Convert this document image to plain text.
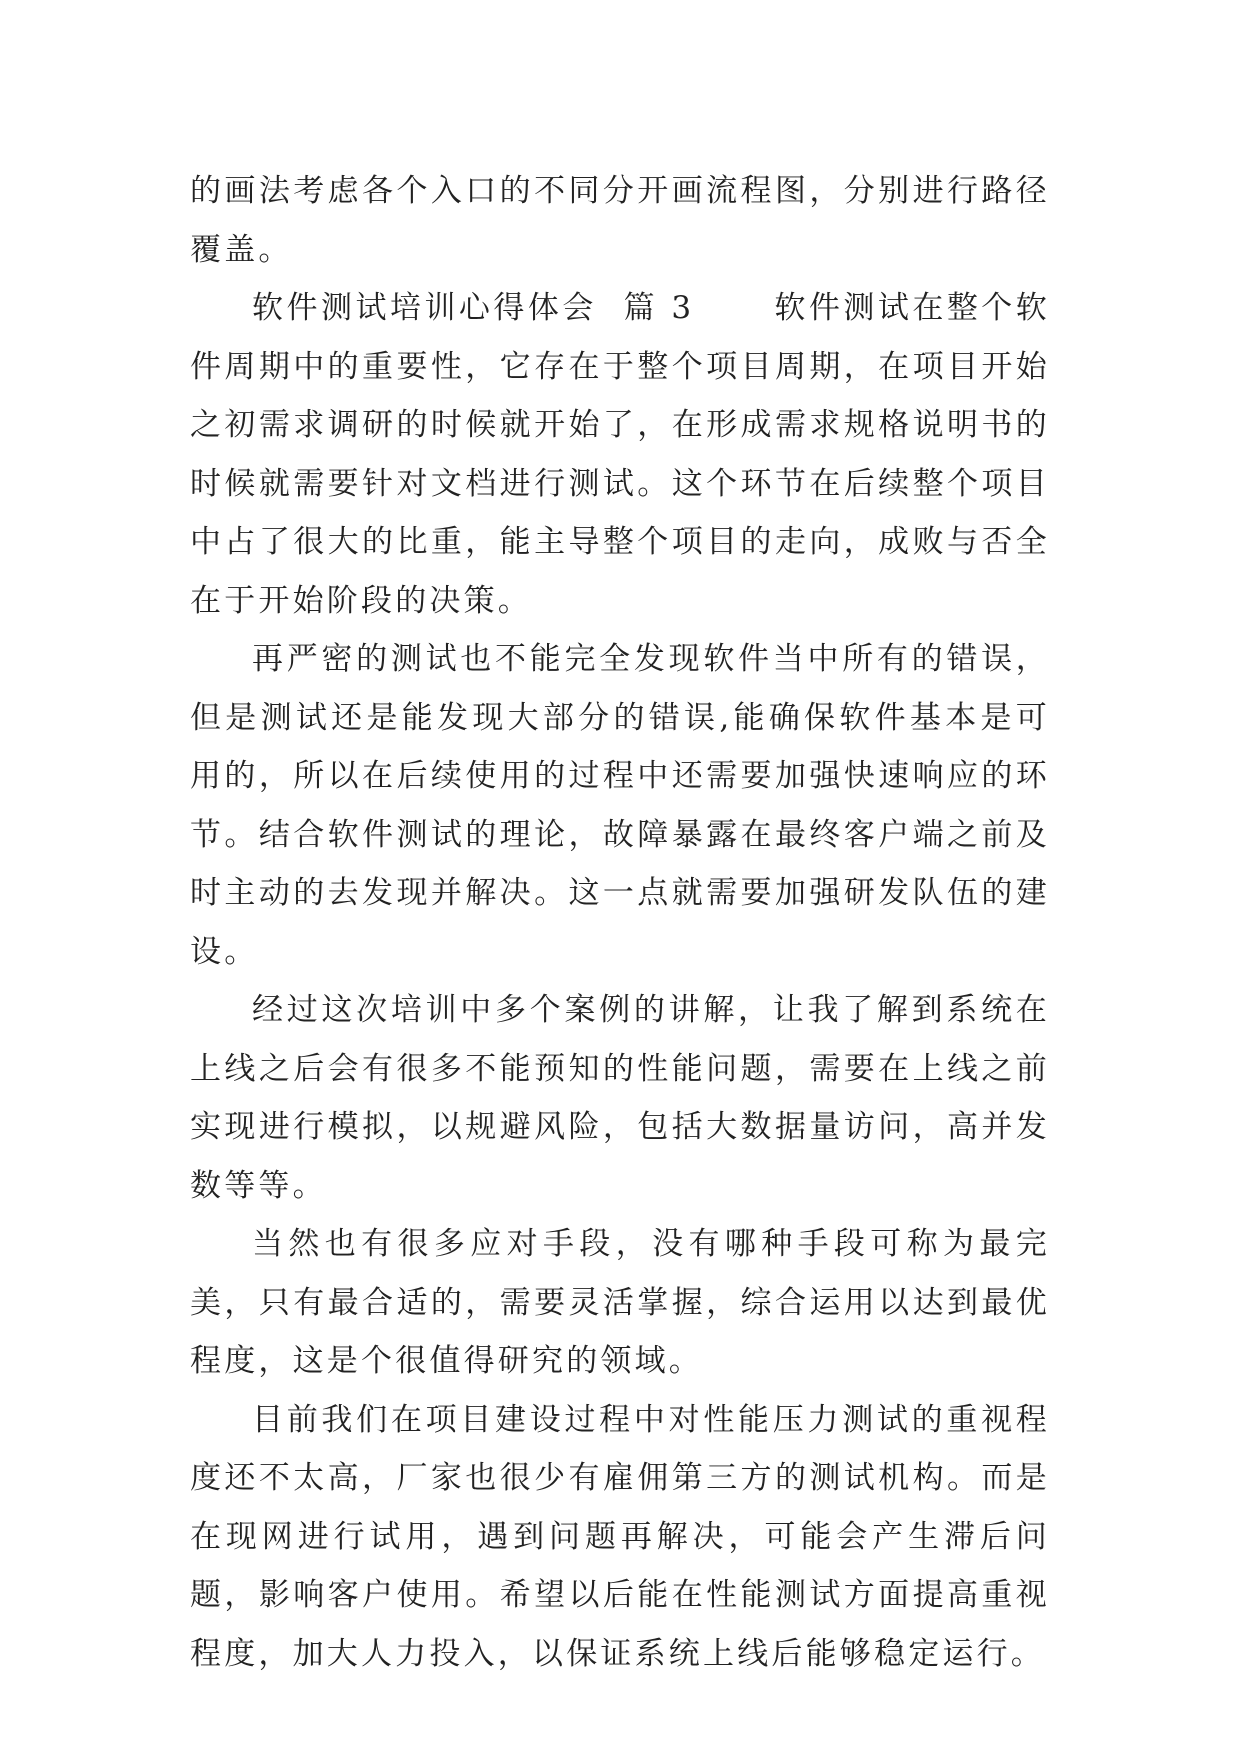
的画法考虑各个入口的不同分开画流程图，分别进行路径覆盖。

软件测试培训心得体会  篇 3      软件测试在整个软件周期中的重要性，它存在于整个项目周期，在项目开始之初需求调研的时候就开始了，在形成需求规格说明书的时候就需要针对文档进行测试。这个环节在后续整个项目中占了很大的比重，能主导整个项目的走向，成败与否全在于开始阶段的决策。

再严密的测试也不能完全发现软件当中所有的错误，但是测试还是能发现大部分的错误,能确保软件基本是可用的，所以在后续使用的过程中还需要加强快速响应的环节。结合软件测试的理论，故障暴露在最终客户端之前及时主动的去发现并解决。这一点就需要加强研发队伍的建设。

经过这次培训中多个案例的讲解，让我了解到系统在上线之后会有很多不能预知的性能问题，需要在上线之前实现进行模拟，以规避风险，包括大数据量访问，高并发数等等。

当然也有很多应对手段，没有哪种手段可称为最完美，只有最合适的，需要灵活掌握，综合运用以达到最优程度，这是个很值得研究的领域。

目前我们在项目建设过程中对性能压力测试的重视程度还不太高，厂家也很少有雇佣第三方的测试机构。而是在现网进行试用，遇到问题再解决，可能会产生滞后问题，影响客户使用。希望以后能在性能测试方面提高重视程度，加大人力投入，以保证系统上线后能够稳定运行。
